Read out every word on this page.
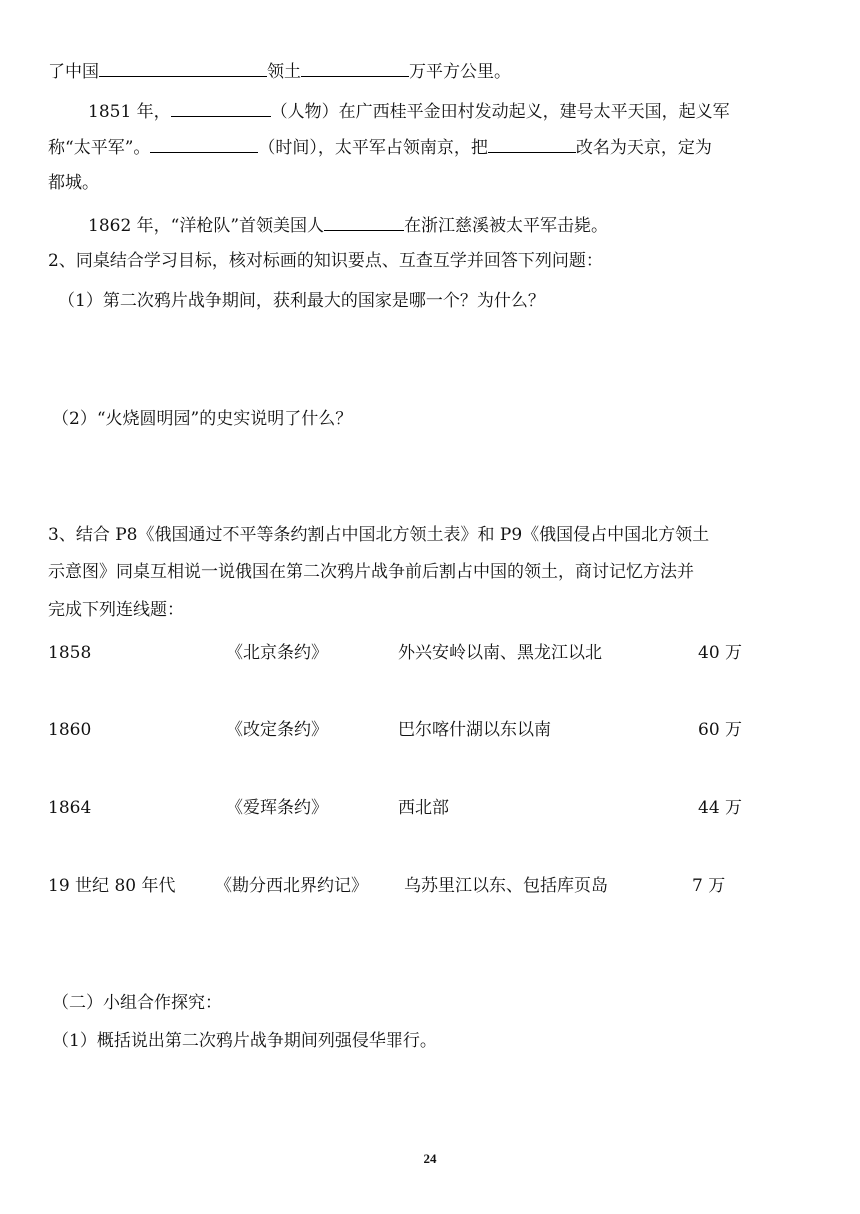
了中国	领土	万平方公里。
1851 年，	（人物）在广西桂平金田村发动起义，建号太平天国，起义军
称“太平军”。	（时间），太平军占领南京，把	改名为天京，定为
都城。
1862 年，“洋枪队”首领美国人	在浙江慈溪被太平军击毙。
2、同桌结合学习目标，核对标画的知识要点、互查互学并回答下列问题：
（1）第二次鸦片战争期间，获利最大的国家是哪一个？为什么？
（2）“火烧圆明园”的史实说明了什么？
3、结合 P8《俄国通过不平等条约割占中国北方领土表》和 P9《俄国侵占中国北方领土
示意图》同桌互相说一说俄国在第二次鸦片战争前后割占中国的领土，商讨记忆方法并
完成下列连线题：
1858	《北京条约》	外兴安岭以南、黑龙江以北	40 万
1860	《改定条约》	巴尔喀什湖以东以南	60 万
1864	《爱珲条约》	西北部	44 万
19 世纪 80 年代 《勘分西北界约记》 乌苏里江以东、包括库页岛	7 万
（二）小组合作探究：
（1）概括说出第二次鸦片战争期间列强侵华罪行。
24
